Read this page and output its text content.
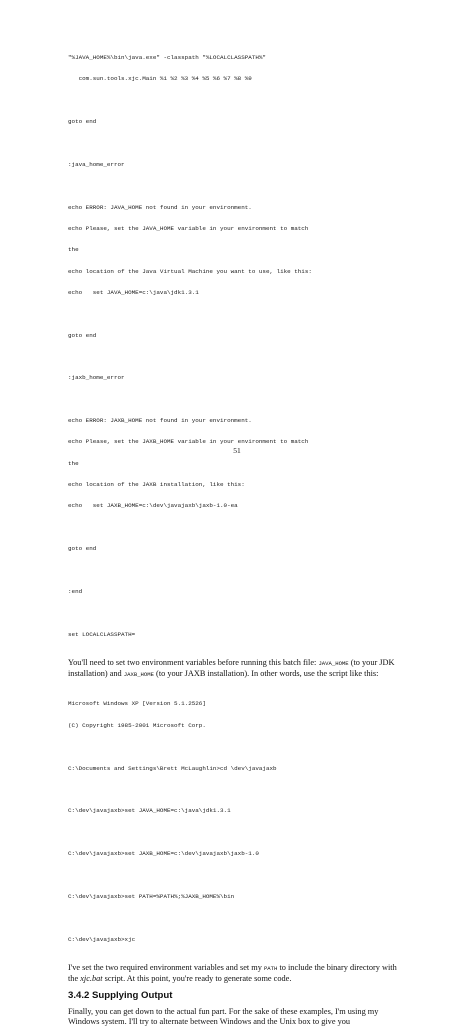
"%JAVA_HOME%\bin\java.exe" -classpath "%LOCALCLASSPATH%"

com.sun.tools.xjc.Main %1 %2 %3 %4 %5 %6 %7 %8 %9

goto end

:java_home_error

echo ERROR: JAVA_HOME not found in your environment.

echo Please, set the JAVA_HOME variable in your environment to match

the

echo location of the Java Virtual Machine you want to use, like this:

echo   set JAVA_HOME=c:\java\jdk1.3.1

goto end

:jaxb_home_error

echo ERROR: JAXB_HOME not found in your environment.

echo Please, set the JAXB_HOME variable in your environment to match

the

echo location of the JAXB installation, like this:

echo   set JAXB_HOME=c:\dev\javajaxb\jaxb-1.0-ea

goto end

:end

set LOCALCLASSPATH=

You'll need to set two environment variables before running this batch file: JAVA_HOME (to your JDK installation) and JAXB_HOME (to your JAXB installation). In other words, use the script like this:

Microsoft Windows XP [Version 5.1.2526]

(C) Copyright 1985-2001 Microsoft Corp.

C:\Documents and Settings\Brett McLaughlin>cd \dev\javajaxb

C:\dev\javajaxb>set JAVA_HOME=c:\java\jdk1.3.1

C:\dev\javajaxb>set JAXB_HOME=c:\dev\javajaxb\jaxb-1.0

C:\dev\javajaxb>set PATH=%PATH%;%JAXB_HOME%\bin

C:\dev\javajaxb>xjc

I've set the two required environment variables and set my PATH to include the binary directory with the xjc.bat script. At this point, you're ready to generate some code.

3.4.2 Supplying Output

Finally, you can get down to the actual fun part. For the sake of these examples, I'm using my Windows system. I'll try to alternate between Windows and the Unix box to give you

51
